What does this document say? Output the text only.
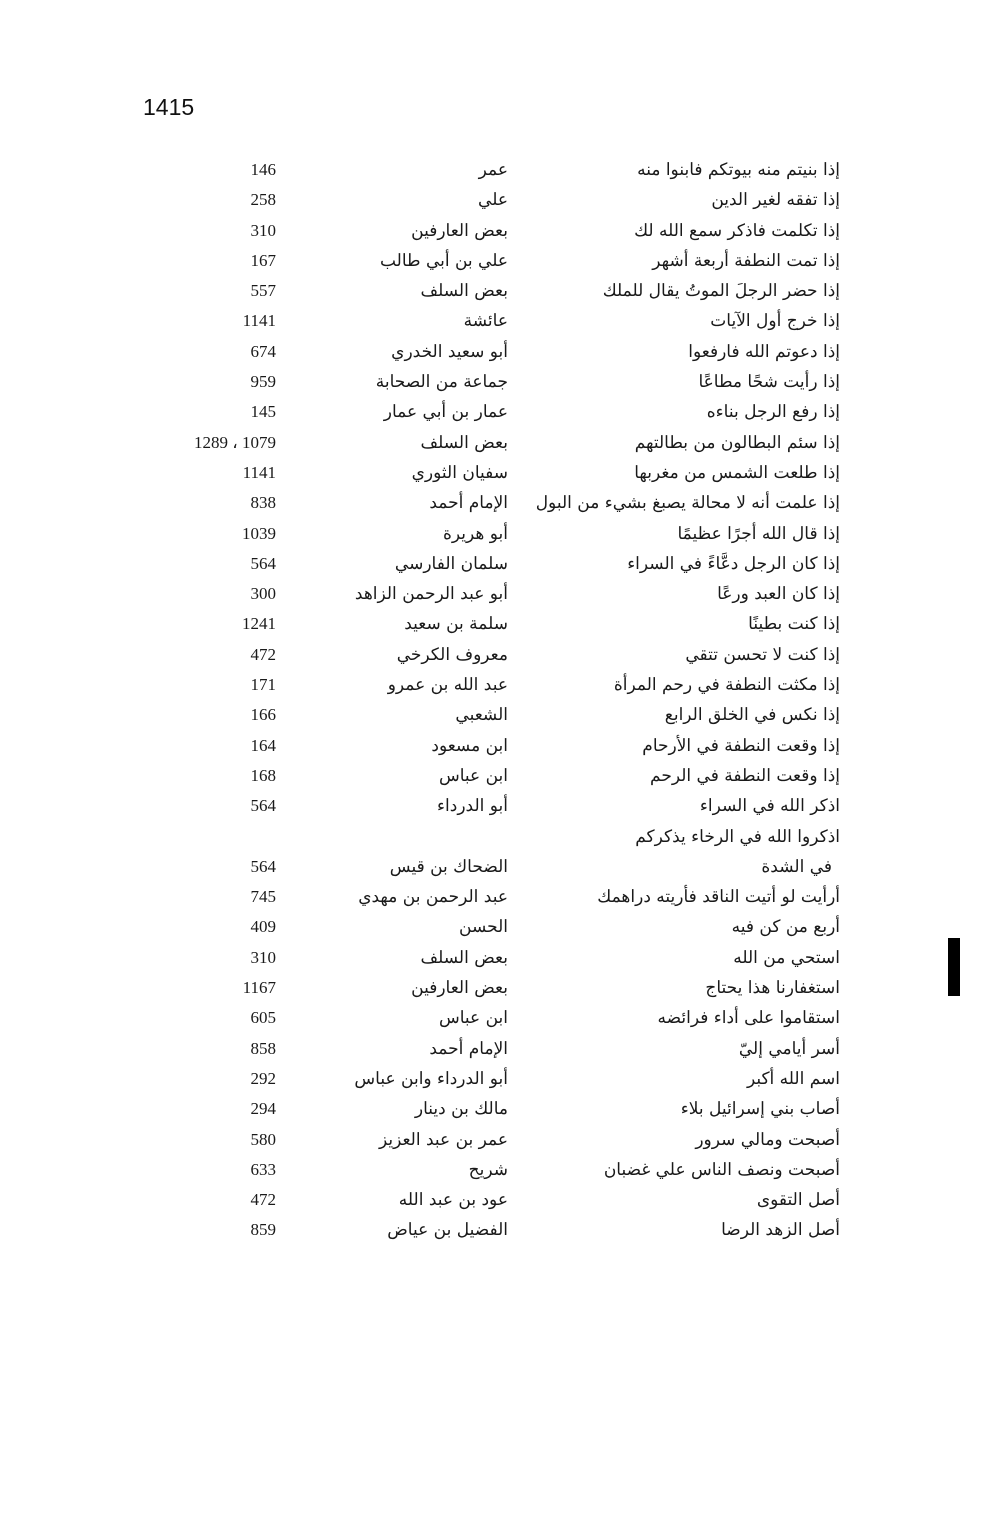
1415
إذا بنيتم منه بيوتكم فابنوا منه
عمر
146
إذا تفقه لغير الدين
علي
258
إذا تكلمت فاذكر سمع الله لك
بعض العارفين
310
إذا تمت النطفة أربعة أشهر
علي بن أبي طالب
167
إذا حضر الرجلَ الموتُ يقال للملك
بعض السلف
557
إذا خرج أول الآيات
عائشة
1141
إذا دعوتم الله فارفعوا
أبو سعيد الخدري
674
إذا رأيت شحًا مطاعًا
جماعة من الصحابة
959
إذا رفع الرجل بناءه
عمار بن أبي عمار
145
إذا سئم البطالون من بطالتهم
بعض السلف
1079 ، 1289
إذا طلعت الشمس من مغربها
سفيان الثوري
1141
إذا علمت أنه لا محالة يصبغ بشيء من البول
الإمام أحمد
838
إذا قال الله أجرًا عظيمًا
أبو هريرة
1039
إذا كان الرجل دعَّاءً في السراء
سلمان الفارسي
564
إذا كان العبد ورعًا
أبو عبد الرحمن الزاهد
300
إذا كنت بطينًا
سلمة بن سعيد
1241
إذا كنت لا تحسن تتقي
معروف الكرخي
472
إذا مكثت النطفة في رحم المرأة
عبد الله بن عمرو
171
إذا نكس في الخلق الرابع
الشعبي
166
إذا وقعت النطفة في الأرحام
ابن مسعود
164
إذا وقعت النطفة في الرحم
ابن عباس
168
اذكر الله في السراء
أبو الدرداء
564
اذكروا الله في الرخاء يذكركم
في الشدة
الضحاك بن قيس
564
أرأيت لو أتيت الناقد فأريته دراهمك
عبد الرحمن بن مهدي
745
أربع من كن فيه
الحسن
409
استحي من الله
بعض السلف
310
استغفارنا هذا يحتاج
بعض العارفين
1167
استقاموا على أداء فرائضه
ابن عباس
605
أسر أيامي إليّ
الإمام أحمد
858
اسم الله أكبر
أبو الدرداء وابن عباس
292
أصاب بني إسرائيل بلاء
مالك بن دينار
294
أصبحت ومالي سرور
عمر بن عبد العزيز
580
أصبحت ونصف الناس علي غضبان
شريح
633
أصل التقوى
عود بن عبد الله
472
أصل الزهد الرضا
الفضيل بن عياض
859
